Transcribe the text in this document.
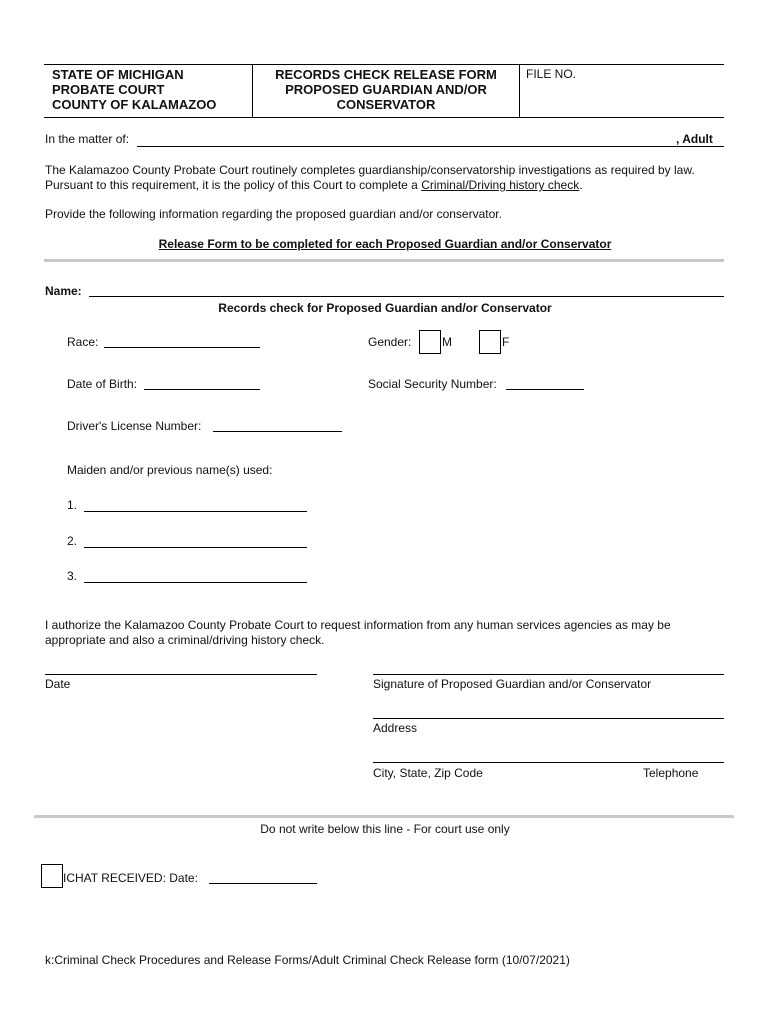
STATE OF MICHIGAN
PROBATE COURT
COUNTY OF KALAMAZOO
RECORDS CHECK RELEASE FORM
PROPOSED GUARDIAN AND/OR
CONSERVATOR
FILE NO.
In the matter of:	, Adult
The Kalamazoo County Probate Court routinely completes guardianship/conservatorship investigations as required by law. Pursuant to this requirement, it is the policy of this Court to complete a Criminal/Driving history check.
Provide the following information regarding the proposed guardian and/or conservator.
Release Form to be completed for each Proposed Guardian and/or Conservator
Name:
Records check for Proposed Guardian and/or Conservator
Race:	Gender:	M	F
Date of Birth:	Social Security Number:
Driver's License Number:
Maiden and/or previous name(s) used:
1.
2.
3.
I authorize the Kalamazoo County Probate Court to request information from any human services agencies as may be appropriate and also a criminal/driving history check.
Date	Signature of Proposed Guardian and/or Conservator
Address
City, State, Zip Code	Telephone
Do not write below this line - For court use only
ICHAT RECEIVED: Date:
k:Criminal Check Procedures and Release Forms/Adult Criminal Check Release form (10/07/2021)
